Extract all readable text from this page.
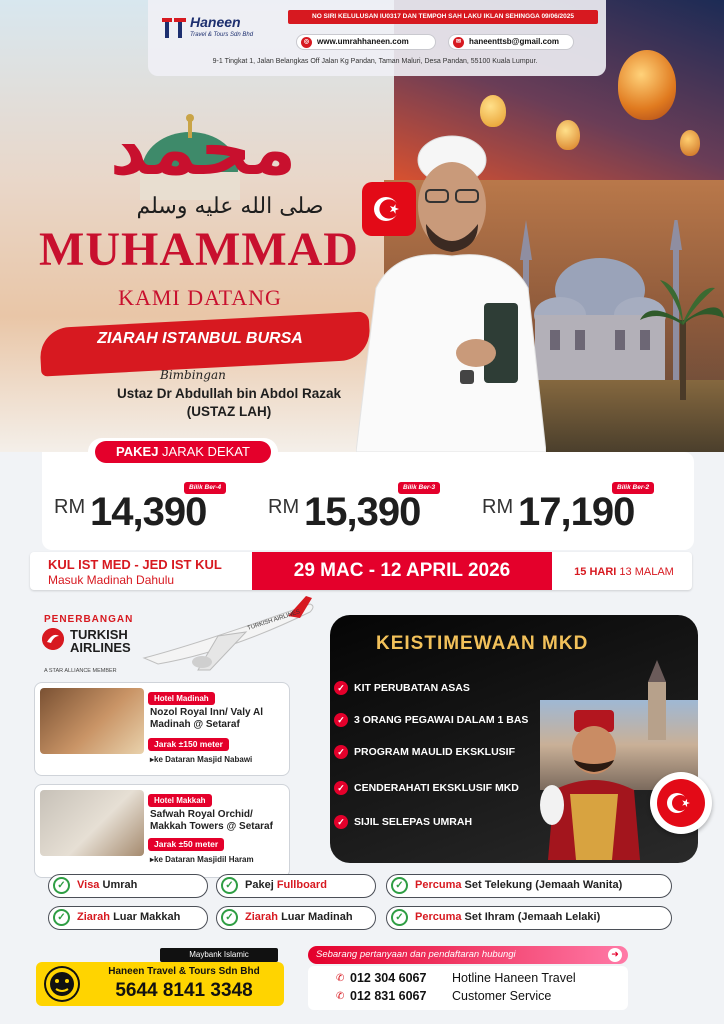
محمد
صلى الله عليه وسلم
Haneen
Travel & Tours Sdn Bhd
NO SIRI KELULUSAN IU0317 DAN TEMPOH SAH LAKU IKLAN SEHINGGA 09/06/2025
◎ www.umrahhaneen.com	✉ haneenttsb@gmail.com
9-1 Tingkat 1, Jalan Belangkas Off Jalan Kg Pandan, Taman Maluri, Desa Pandan, 55100 Kuala Lumpur.
MUHAMMAD
KAMI DATANG
ZIARAH ISTANBUL BURSA
Bimbingan
Ustaz Dr Abdullah bin Abdol Razak
(USTAZ LAH)
PAKEJ JARAK DEKAT
Bilik Ber-4
RM 14,390
Bilik Ber-3
RM 15,390
Bilik Ber-2
RM 17,190
KUL IST MED - JED IST KUL
Masuk Madinah Dahulu	29 MAC - 12 APRIL 2026	15 HARI 13 MALAM
PENERBANGAN
TURKISH
AIRLINES
A STAR ALLIANCE MEMBER
TURKISH AIRLINES
Hotel Madinah
Nozol Royal Inn/ Valy Al Madinah @ Setaraf
Jarak ±150 meter
▸ke Dataran Masjid Nabawi
Hotel Makkah
Safwah Royal Orchid/ Makkah Towers @ Setaraf
Jarak ±50 meter
▸ke Dataran Masjidil Haram
KEISTIMEWAAN MKD
✓ KIT PERUBATAN ASAS
✓ 3 ORANG PEGAWAI DALAM 1 BAS
✓ PROGRAM MAULID EKSKLUSIF
✓ CENDERAHATI EKSKLUSIF MKD
✓ SIJIL SELEPAS UMRAH
✓	Visa Umrah	✓	Pakej Fullboard	✓	Percuma Set Telekung (Jemaah Wanita)
✓	Ziarah Luar Makkah	✓	Ziarah Luar Madinah	✓	Percuma Set Ihram (Jemaah Lelaki)
Maybank Islamic
Haneen Travel & Tours Sdn Bhd
5644 8141 3348
Sebarang pertanyaan dan pendaftaran hubungi	➜
✆ 012 304 6067 Hotline Haneen Travel
✆ 012 831 6067 Customer Service
